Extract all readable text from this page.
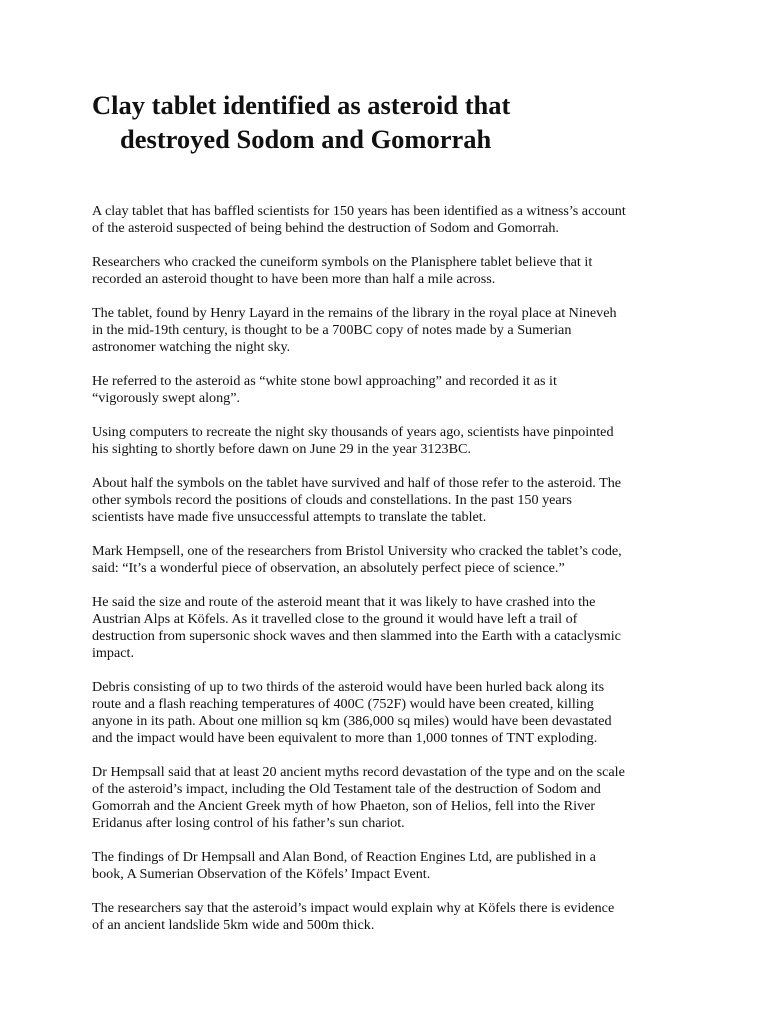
Clay tablet identified as asteroid that
destroyed Sodom and Gomorrah

A clay tablet that has baffled scientists for 150 years has been identified as a witness’s account
of the asteroid suspected of being behind the destruction of Sodom and Gomorrah.

Researchers who cracked the cuneiform symbols on the Planisphere tablet believe that it
recorded an asteroid thought to have been more than half a mile across.

The tablet, found by Henry Layard in the remains of the library in the royal place at Nineveh
in the mid-19th century, is thought to be a 700BC copy of notes made by a Sumerian
astronomer watching the night sky.

He referred to the asteroid as “white stone bowl approaching” and recorded it as it
“vigorously swept along”.

Using computers to recreate the night sky thousands of years ago, scientists have pinpointed
his sighting to shortly before dawn on June 29 in the year 3123BC.

About half the symbols on the tablet have survived and half of those refer to the asteroid. The
other symbols record the positions of clouds and constellations. In the past 150 years
scientists have made five unsuccessful attempts to translate the tablet.

Mark Hempsell, one of the researchers from Bristol University who cracked the tablet’s code,
said: “It’s a wonderful piece of observation, an absolutely perfect piece of science.”

He said the size and route of the asteroid meant that it was likely to have crashed into the
Austrian Alps at Köfels. As it travelled close to the ground it would have left a trail of
destruction from supersonic shock waves and then slammed into the Earth with a cataclysmic
impact.

Debris consisting of up to two thirds of the asteroid would have been hurled back along its
route and a flash reaching temperatures of 400C (752F) would have been created, killing
anyone in its path. About one million sq km (386,000 sq miles) would have been devastated
and the impact would have been equivalent to more than 1,000 tonnes of TNT exploding.

Dr Hempsall said that at least 20 ancient myths record devastation of the type and on the scale
of the asteroid’s impact, including the Old Testament tale of the destruction of Sodom and
Gomorrah and the Ancient Greek myth of how Phaeton, son of Helios, fell into the River
Eridanus after losing control of his father’s sun chariot.

The findings of Dr Hempsall and Alan Bond, of Reaction Engines Ltd, are published in a
book, A Sumerian Observation of the Köfels’ Impact Event.

The researchers say that the asteroid’s impact would explain why at Köfels there is evidence
of an ancient landslide 5km wide and 500m thick.
